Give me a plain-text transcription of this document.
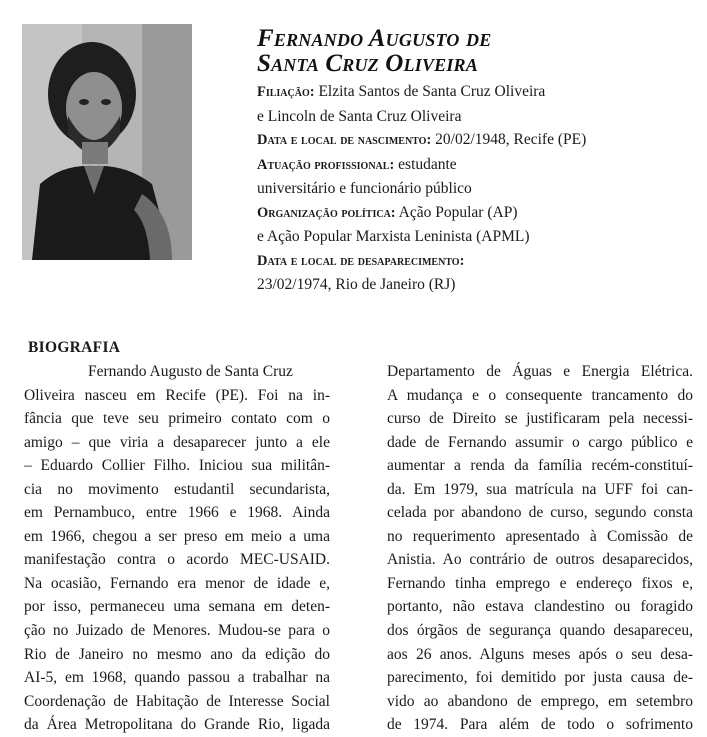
Fernando Augusto de
Santa Cruz Oliveira
Filiação: Elzita Santos de Santa Cruz Oliveira
e Lincoln de Santa Cruz Oliveira
Data e local de nascimento: 20/02/1948, Recife (PE)
Atuação profissional: estudante
universitário e funcionário público
Organização política: Ação Popular (AP)
e Ação Popular Marxista Leninista (APML)
Data e local de desaparecimento:
23/02/1974, Rio de Janeiro (RJ)
BIOGRAFIA
Fernando Augusto de Santa Cruz
Oliveira nasceu em Recife (PE). Foi na in-
fância que teve seu primeiro contato com o
amigo – que viria a desaparecer junto a ele
– Eduardo Collier Filho. Iniciou sua militân-
cia no movimento estudantil secundarista,
em Pernambuco, entre 1966 e 1968. Ainda
em 1966, chegou a ser preso em meio a uma
manifestação contra o acordo MEC-USAID.
Na ocasião, Fernando era menor de idade e,
por isso, permaneceu uma semana em deten-
ção no Juizado de Menores. Mudou-se para o
Rio de Janeiro no mesmo ano da edição do
AI-5, em 1968, quando passou a trabalhar na
Coordenação de Habitação de Interesse Social
da Área Metropolitana do Grande Rio, ligada
Departamento de Águas e Energia Elétrica.
A mudança e o consequente trancamento do
curso de Direito se justificaram pela necessi-
dade de Fernando assumir o cargo público e
aumentar a renda da família recém-constituí-
da. Em 1979, sua matrícula na UFF foi can-
celada por abandono de curso, segundo consta
no requerimento apresentado à Comissão de
Anistia. Ao contrário de outros desaparecidos,
Fernando tinha emprego e endereço fixos e,
portanto, não estava clandestino ou foragido
dos órgãos de segurança quando desapareceu,
aos 26 anos. Alguns meses após o seu desa-
parecimento, foi demitido por justa causa de-
vido ao abandono de emprego, em setembro
de 1974. Para além de todo o sofrimento
